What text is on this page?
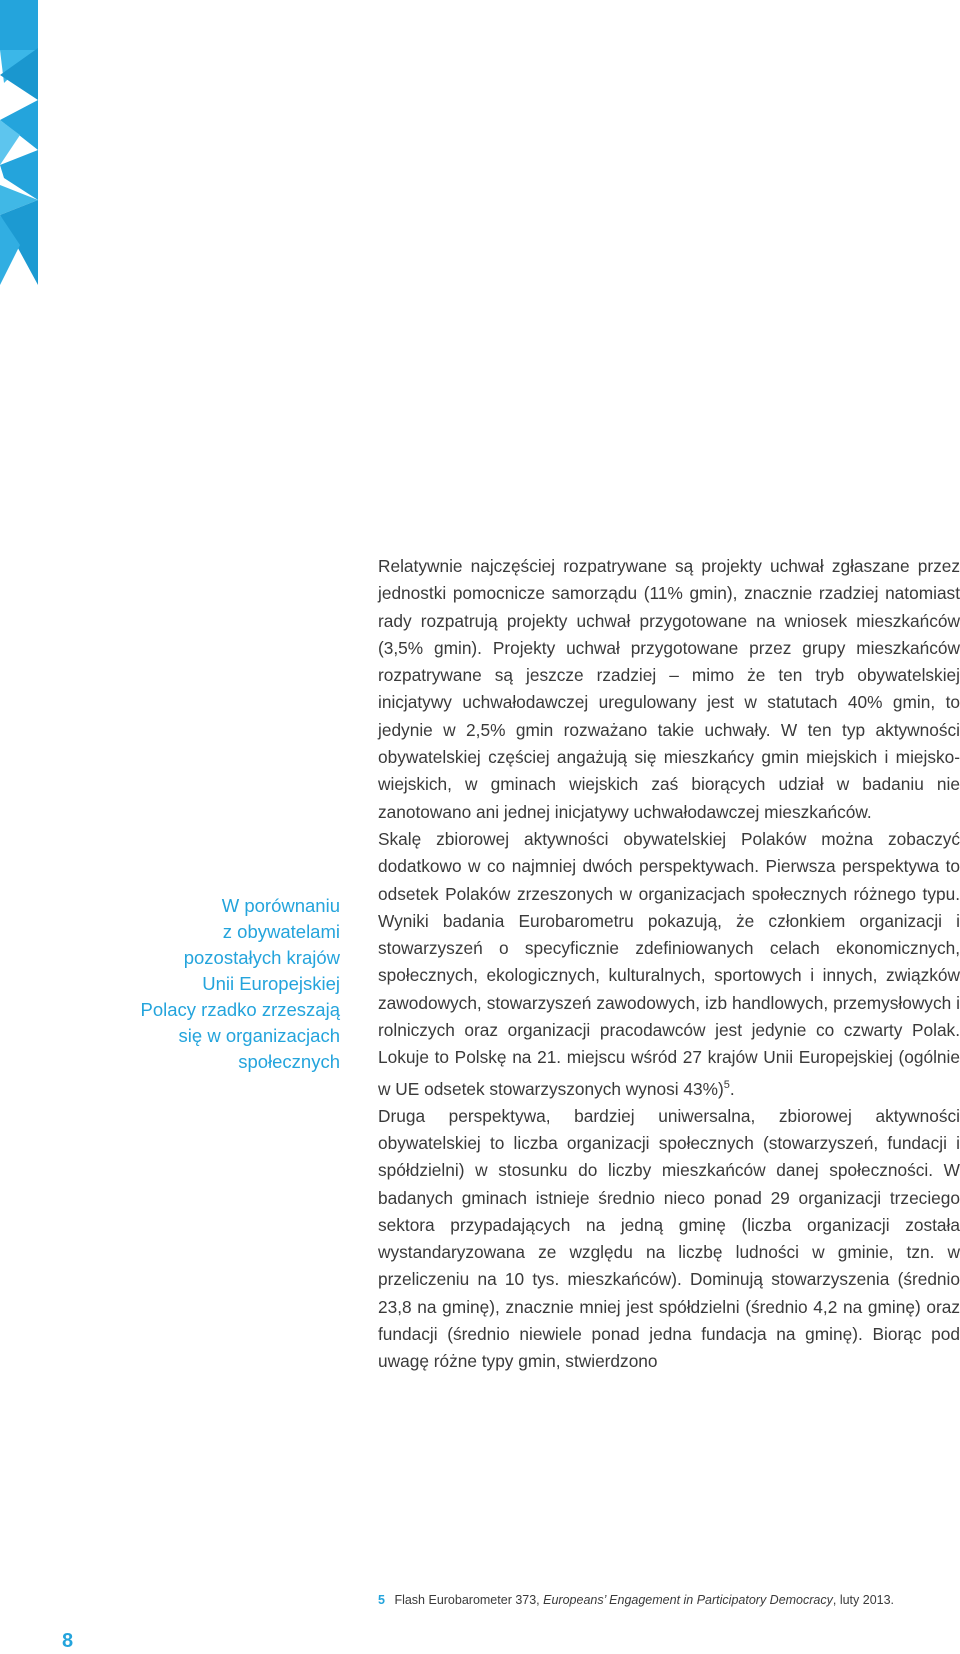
W porównaniu
z obywatelami
pozostałych krajów
Unii Europejskiej
Polacy rzadko zrzeszają
się w organizacjach
społecznych

Relatywnie najczęściej rozpatrywane są projekty uchwał zgłaszane przez jednostki pomocnicze samorządu (11% gmin), znacznie rzadziej natomiast rady rozpatrują projekty uchwał przygotowane na wniosek mieszkańców (3,5% gmin). Projekty uchwał przygotowane przez grupy mieszkańców rozpatrywane są jeszcze rzadziej – mimo że ten tryb obywatelskiej inicjatywy uchwałodawczej uregulowany jest w statutach 40% gmin, to jedynie w 2,5% gmin rozważano takie uchwały. W ten typ aktywności obywatelskiej częściej angażują się mieszkańcy gmin miejskich i miejsko-wiejskich, w gminach wiejskich zaś biorących udział w badaniu nie zanotowano ani jednej inicjatywy uchwałodawczej mieszkańców.

Skalę zbiorowej aktywności obywatelskiej Polaków można zobaczyć dodatkowo w co najmniej dwóch perspektywach. Pierwsza perspektywa to odsetek Polaków zrzeszonych w organizacjach społecznych różnego typu. Wyniki badania Eurobarometru pokazują, że członkiem organizacji i stowarzyszeń o specyficznie zdefiniowanych celach ekonomicznych, społecznych, ekologicznych, kulturalnych, sportowych i innych, związków zawodowych, stowarzyszeń zawodowych, izb handlowych, przemysłowych i rolniczych oraz organizacji pracodawców jest jedynie co czwarty Polak. Lokuje to Polskę na 21. miejscu wśród 27 krajów Unii Europejskiej (ogólnie w UE odsetek stowarzyszonych wynosi 43%)$^5$.

Druga perspektywa, bardziej uniwersalna, zbiorowej aktywności obywatelskiej to liczba organizacji społecznych (stowarzyszeń, fundacji i spółdzielni) w stosunku do liczby mieszkańców danej społeczności. W badanych gminach istnieje średnio nieco ponad 29 organizacji trzeciego sektora przypadających na jedną gminę (liczba organizacji została wystandaryzowana ze względu na liczbę ludności w gminie, tzn. w przeliczeniu na 10 tys. mieszkańców). Dominują stowarzyszenia (średnio 23,8 na gminę), znacznie mniej jest spółdzielni (średnio 4,2 na gminę) oraz fundacji (średnio niewiele ponad jedna fundacja na gminę). Biorąc pod uwagę różne typy gmin, stwierdzono

5 Flash Eurobarometer 373, Europeans’ Engagement in Participatory Democracy, luty 2013.
8
